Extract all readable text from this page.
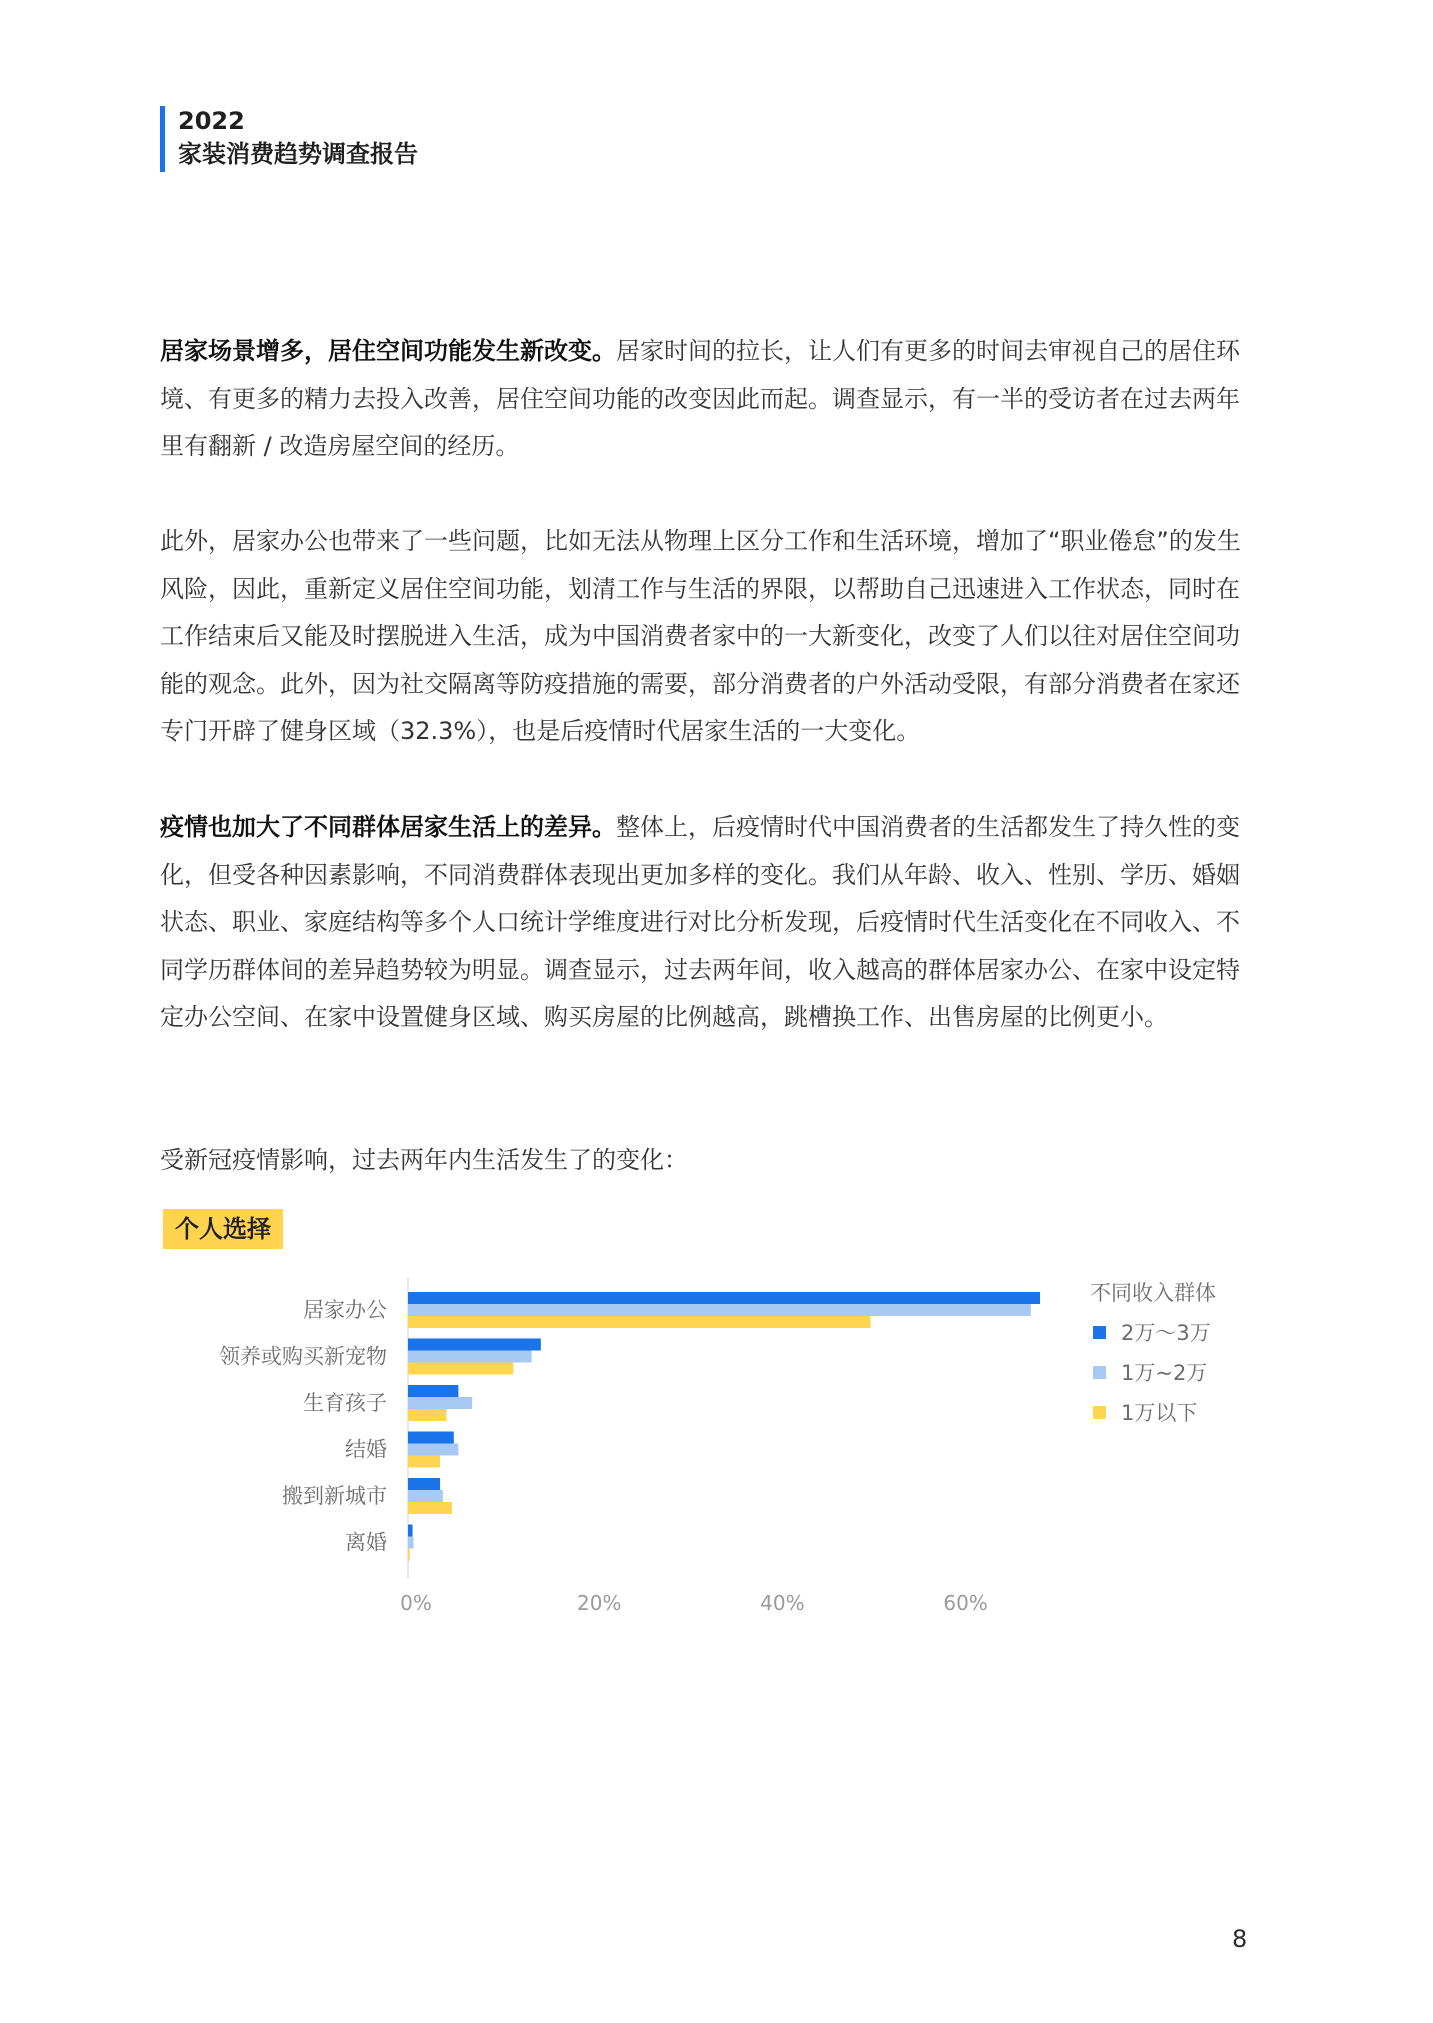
2022
家装消费趋势调查报告

居家场景增多，居住空间功能发生新改变。居家时间的拉长，让人们有更多的时间去审视自己的居住环境、有更多的精力去投入改善，居住空间功能的改变因此而起。调查显示，有一半的受访者在过去两年里有翻新 / 改造房屋空间的经历。

此外，居家办公也带来了一些问题，比如无法从物理上区分工作和生活环境，增加了“职业倦怠”的发生风险，因此，重新定义居住空间功能，划清工作与生活的界限，以帮助自己迅速进入工作状态，同时在工作结束后又能及时摆脱进入生活，成为中国消费者家中的一大新变化，改变了人们以往对居住空间功能的观念。此外，因为社交隔离等防疫措施的需要，部分消费者的户外活动受限，有部分消费者在家还专门开辟了健身区域（32.3%），也是后疫情时代居家生活的一大变化。

疫情也加大了不同群体居家生活上的差异。整体上，后疫情时代中国消费者的生活都发生了持久性的变化，但受各种因素影响，不同消费群体表现出更加多样的变化。我们从年龄、收入、性别、学历、婚姻状态、职业、家庭结构等多个人口统计学维度进行对比分析发现，后疫情时代生活变化在不同收入、不同学历群体间的差异趋势较为明显。调查显示，过去两年间，收入越高的群体居家办公、在家中设定特定办公空间、在家中设置健身区域、购买房屋的比例越高，跳槽换工作、出售房屋的比例更小。

受新冠疫情影响，过去两年内生活发生了的变化：
个人选择
居家办公
领养或购买新宠物
生育孩子
结婚
搬到新城市
离婚
0%	20%	40%	60%
不同收入群体
2万～3万
1万~2万
1万以下
8
